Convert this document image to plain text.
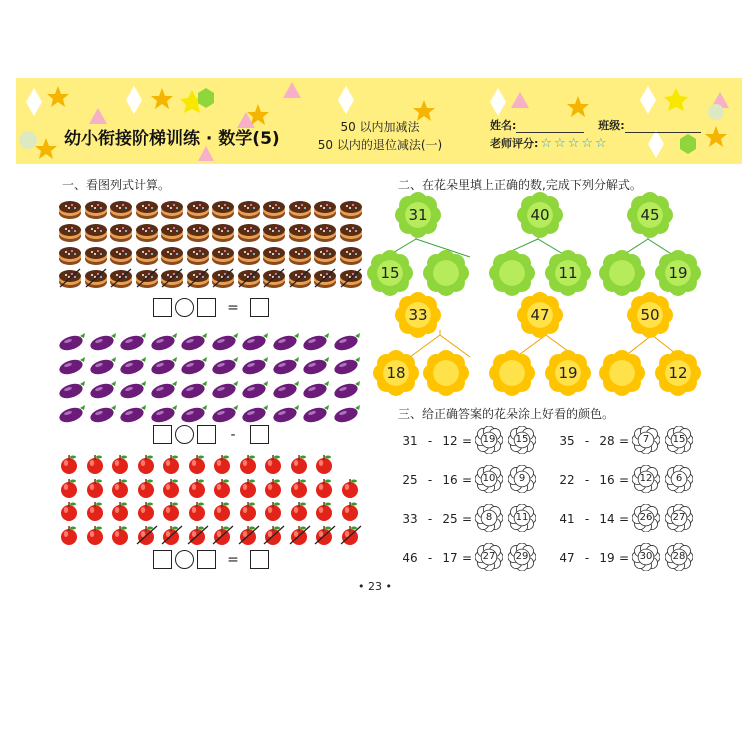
幼小衔接阶梯训练 · 数学(5)
50 以内加减法
50 以内的退位减法(一)
姓名:	班级:
老师评分: ☆☆☆☆☆
一、看图列式计算。
=
-
=
二、在花朵里填上正确的数,完成下列分解式。
31
15
40
11
45
19
33
18
47
19
50
12
三、给正确答案的花朵涂上好看的颜色。
31 - 12 =	19	15	35 - 28 =	7	15
25 - 16 =	10	9	22 - 16 =	12	6
33 - 25 =	8	11	41 - 14 =	26	27
46 - 17 =	27	29	47 - 19 =	30	28
• 23 •
